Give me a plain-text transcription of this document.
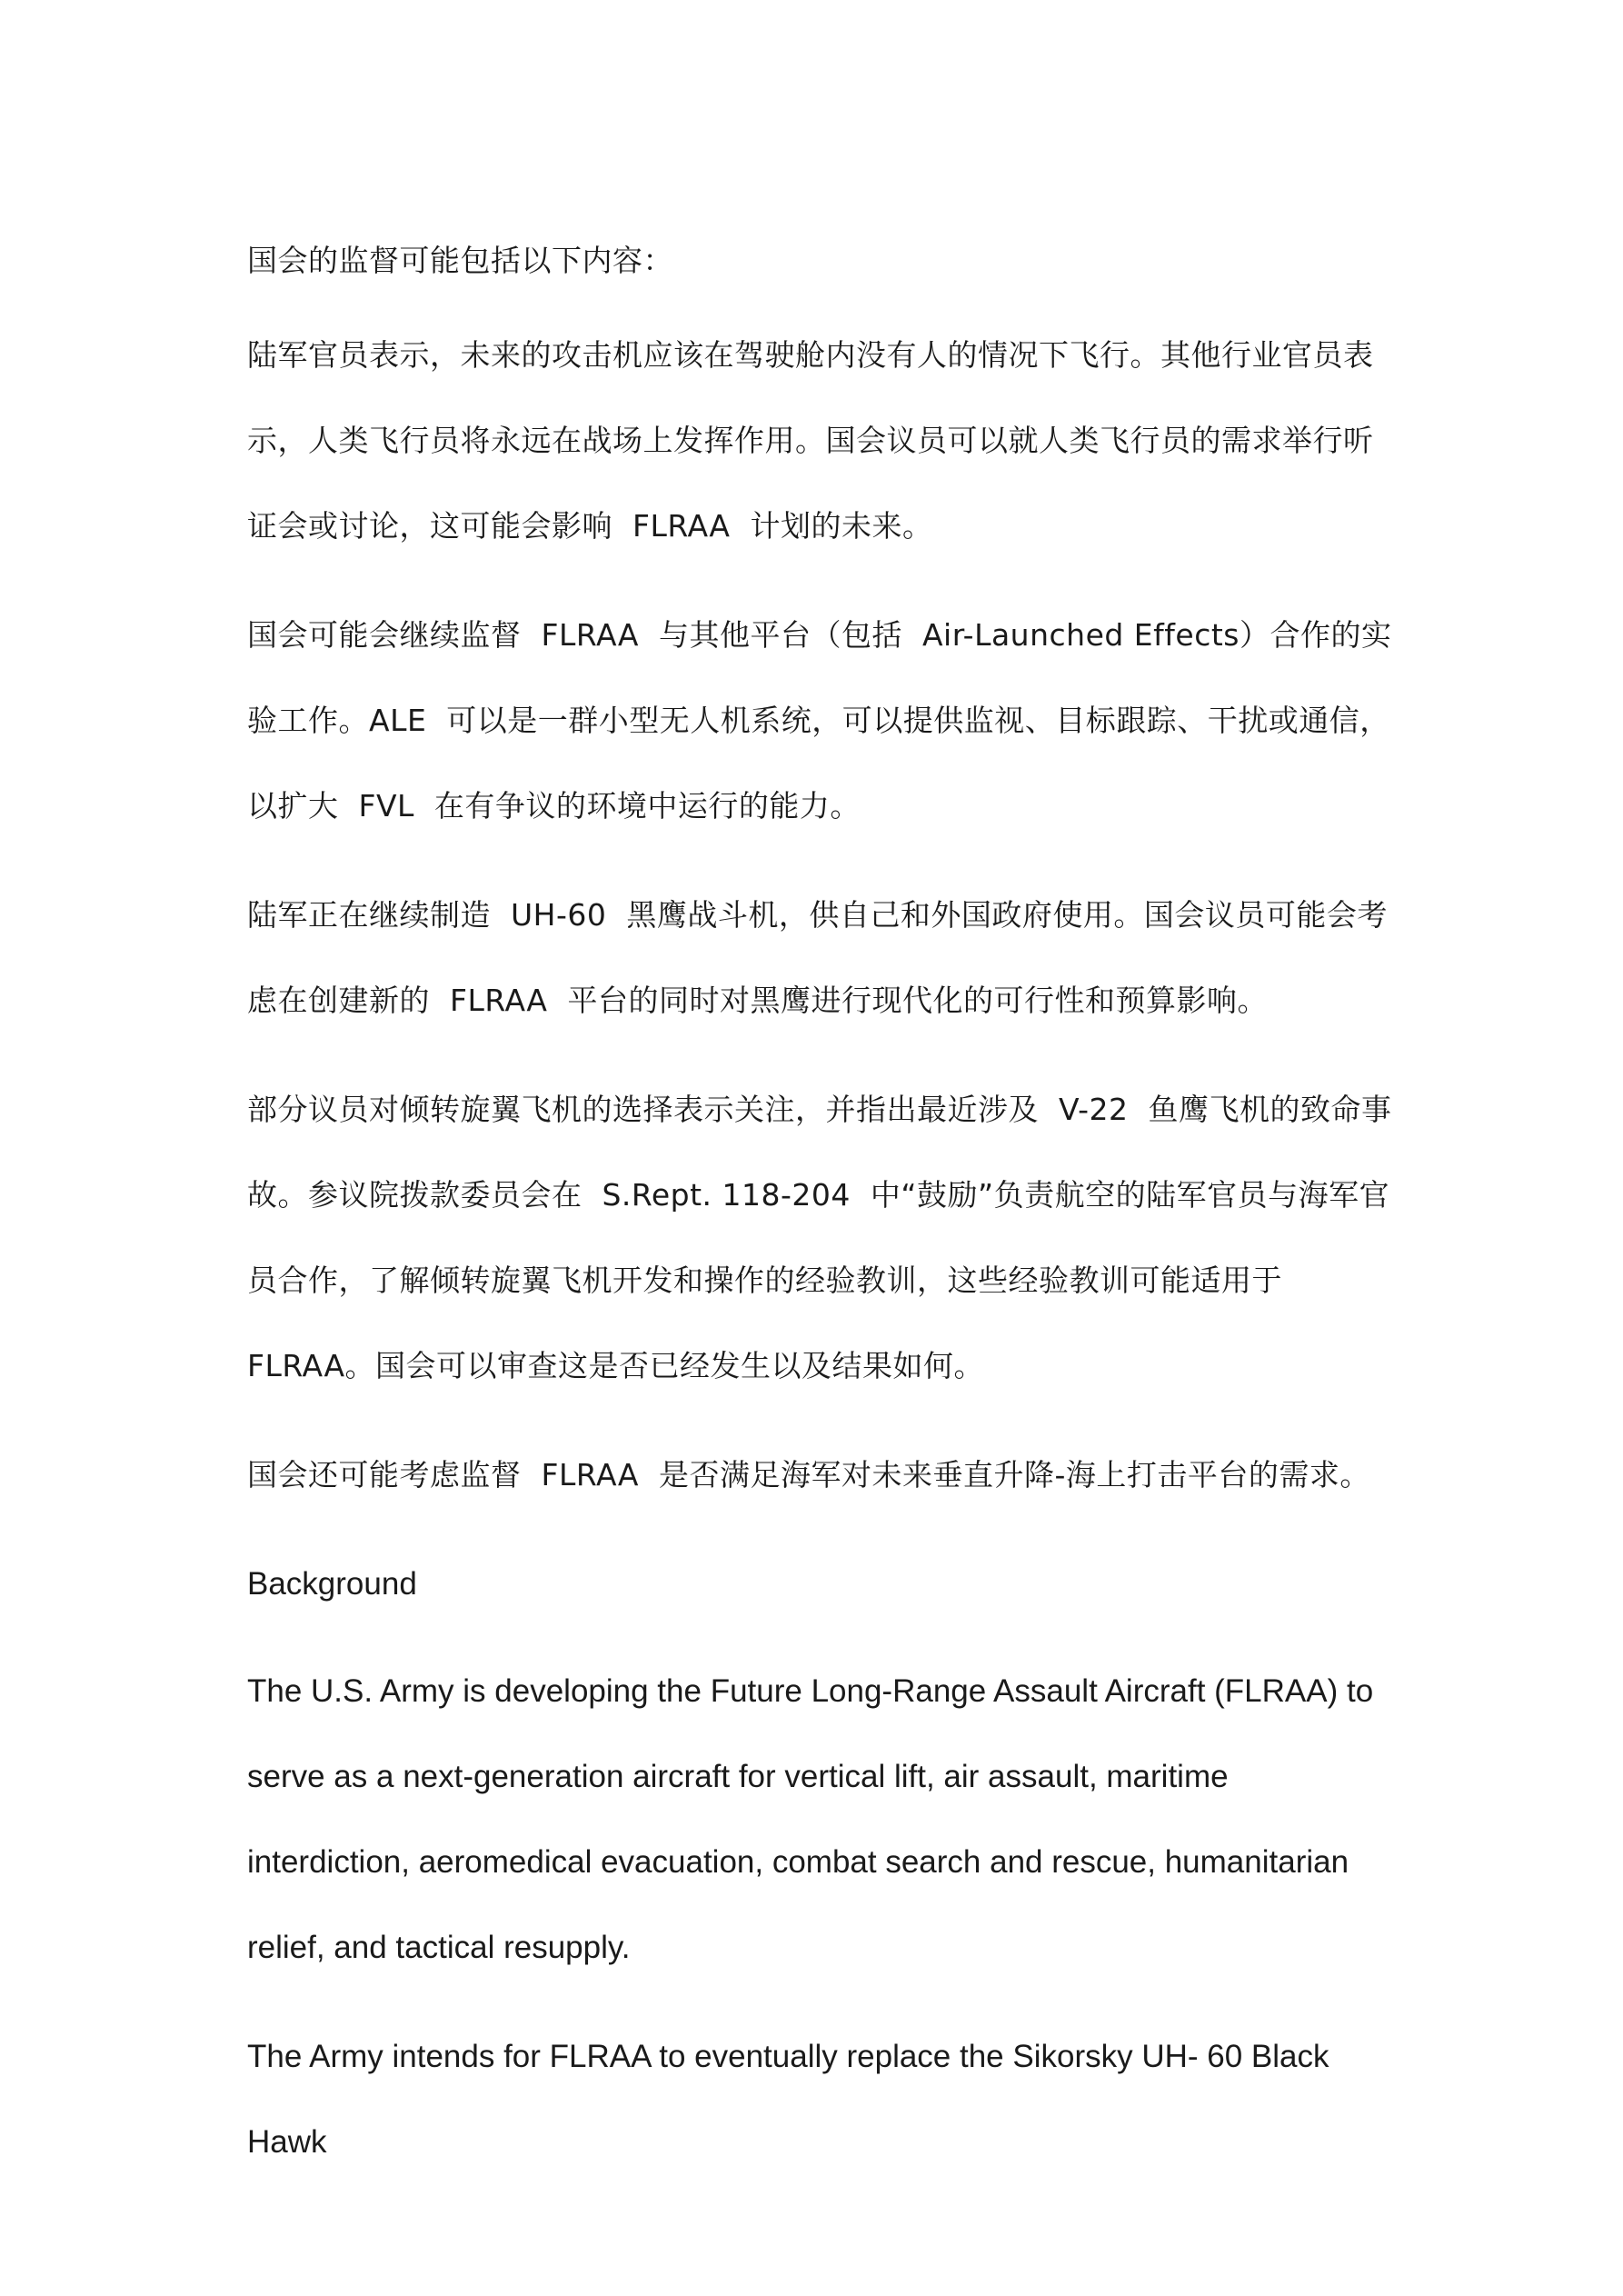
国会的监督可能包括以下内容：

陆军官员表示，未来的攻击机应该在驾驶舱内没有人的情况下飞行。其他行业官员表示，人类飞行员将永远在战场上发挥作用。国会议员可以就人类飞行员的需求举行听证会或讨论，这可能会影响  FLRAA  计划的未来。

国会可能会继续监督  FLRAA  与其他平台（包括  Air-Launched Effects）合作的实验工作。ALE  可以是一群小型无人机系统，可以提供监视、目标跟踪、干扰或通信，以扩大  FVL  在有争议的环境中运行的能力。

陆军正在继续制造  UH-60  黑鹰战斗机，供自己和外国政府使用。国会议员可能会考虑在创建新的  FLRAA  平台的同时对黑鹰进行现代化的可行性和预算影响。

部分议员对倾转旋翼飞机的选择表示关注，并指出最近涉及  V-22  鱼鹰飞机的致命事故。参议院拨款委员会在  S.Rept. 118-204  中“鼓励”负责航空的陆军官员与海军官员合作，了解倾转旋翼飞机开发和操作的经验教训，这些经验教训可能适用于FLRAA。国会可以审查这是否已经发生以及结果如何。

国会还可能考虑监督  FLRAA  是否满足海军对未来垂直升降-海上打击平台的需求。

Background

The U.S. Army is developing the Future Long-Range Assault Aircraft (FLRAA) to serve as a next-generation aircraft for vertical lift, air assault, maritime interdiction, aeromedical evacuation, combat search and rescue, humanitarian relief, and tactical resupply.

The Army intends for FLRAA to eventually replace the Sikorsky UH- 60 Black Hawk
